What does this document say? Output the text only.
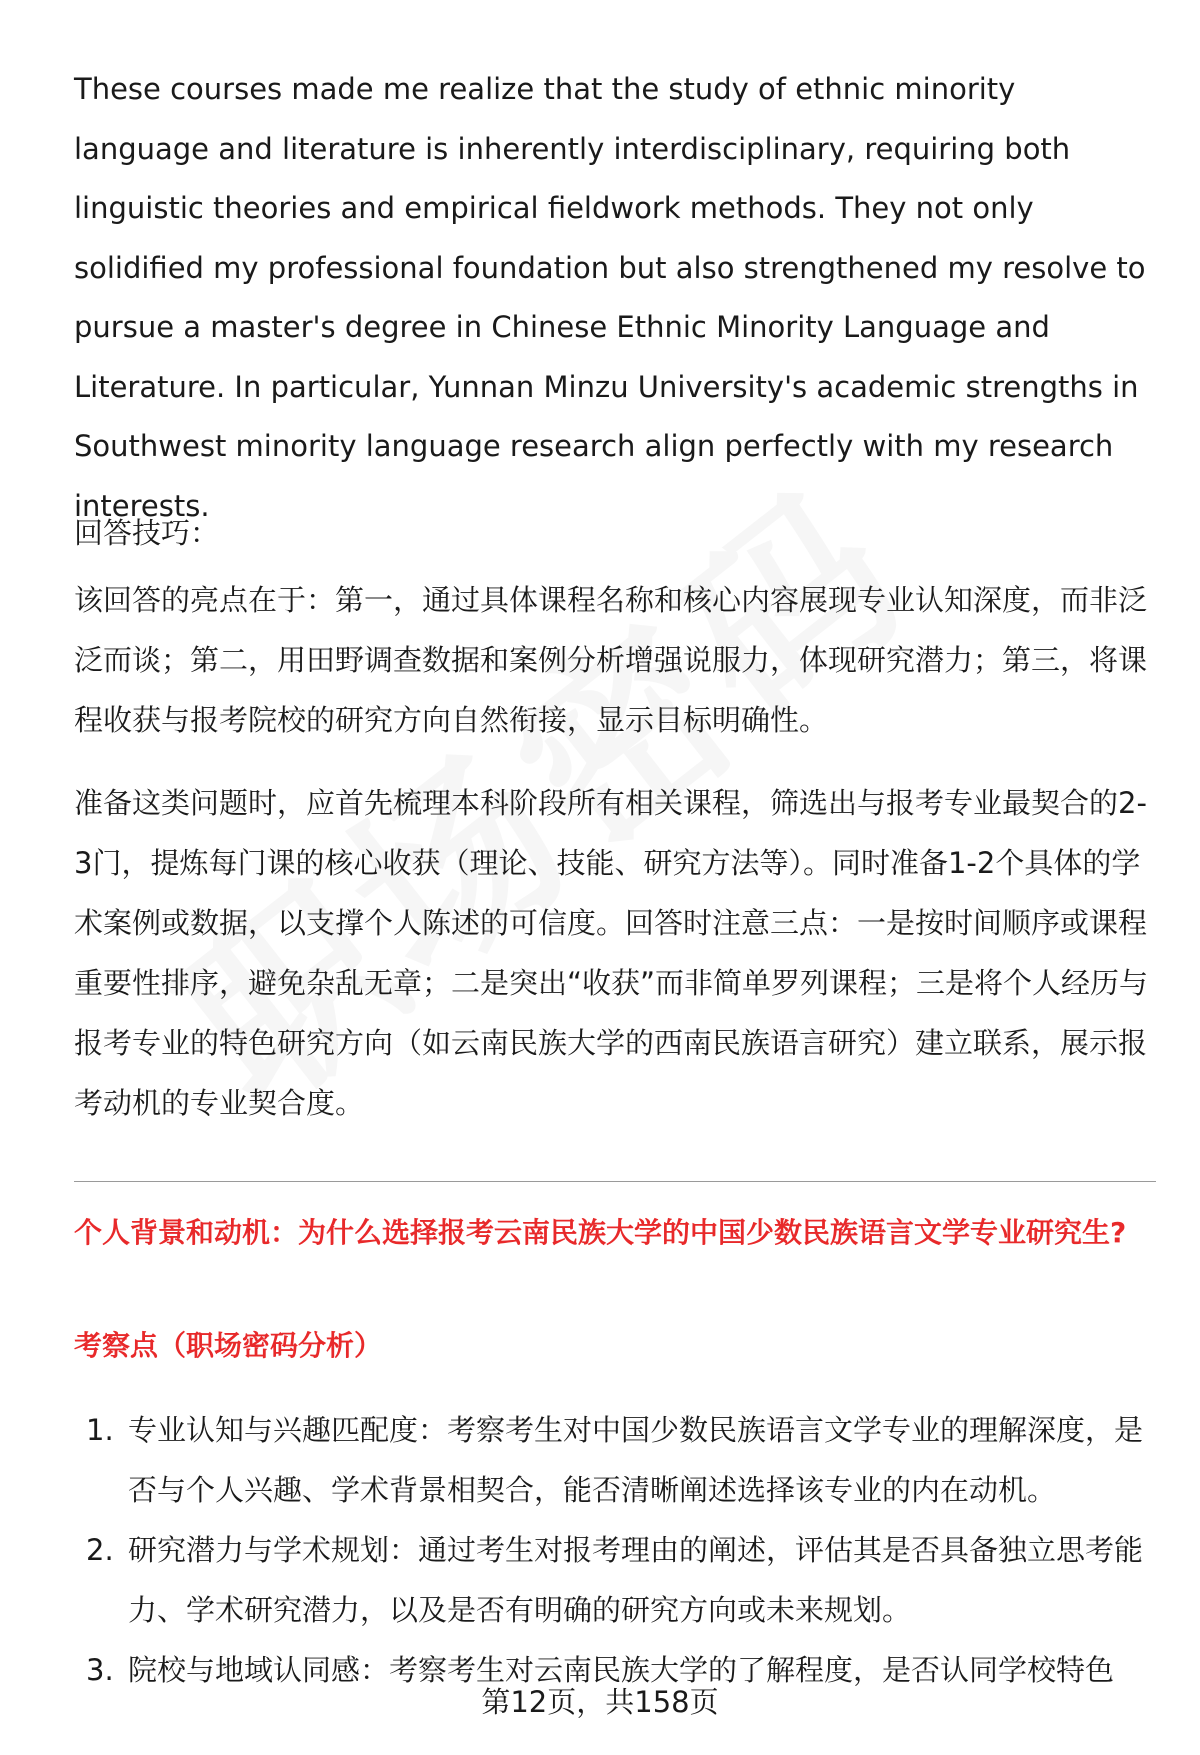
These courses made me realize that the study of ethnic minority language and literature is inherently interdisciplinary, requiring both linguistic theories and empirical fieldwork methods. They not only solidified my professional foundation but also strengthened my resolve to pursue a master's degree in Chinese Ethnic Minority Language and Literature. In particular, Yunnan Minzu University's academic strengths in Southwest minority language research align perfectly with my research interests.

回答技巧：

该回答的亮点在于：第一，通过具体课程名称和核心内容展现专业认知深度，而非泛泛而谈；第二，用田野调查数据和案例分析增强说服力，体现研究潜力；第三，将课程收获与报考院校的研究方向自然衔接，显示目标明确性。

准备这类问题时，应首先梳理本科阶段所有相关课程，筛选出与报考专业最契合的2-3门，提炼每门课的核心收获（理论、技能、研究方法等）。同时准备1-2个具体的学术案例或数据，以支撑个人陈述的可信度。回答时注意三点：一是按时间顺序或课程重要性排序，避免杂乱无章；二是突出“收获”而非简单罗列课程；三是将个人经历与报考专业的特色研究方向（如云南民族大学的西南民族语言研究）建立联系，展示报考动机的专业契合度。

个人背景和动机：为什么选择报考云南民族大学的中国少数民族语言文学专业研究生?

考察点（职场密码分析）

1. 专业认知与兴趣匹配度：考察考生对中国少数民族语言文学专业的理解深度，是否与个人兴趣、学术背景相契合，能否清晰阐述选择该专业的内在动机。
2. 研究潜力与学术规划：通过考生对报考理由的阐述，评估其是否具备独立思考能力、学术研究潜力，以及是否有明确的研究方向或未来规划。
3. 院校与地域认同感：考察考生对云南民族大学的了解程度，是否认同学校特色
第12页，共158页
